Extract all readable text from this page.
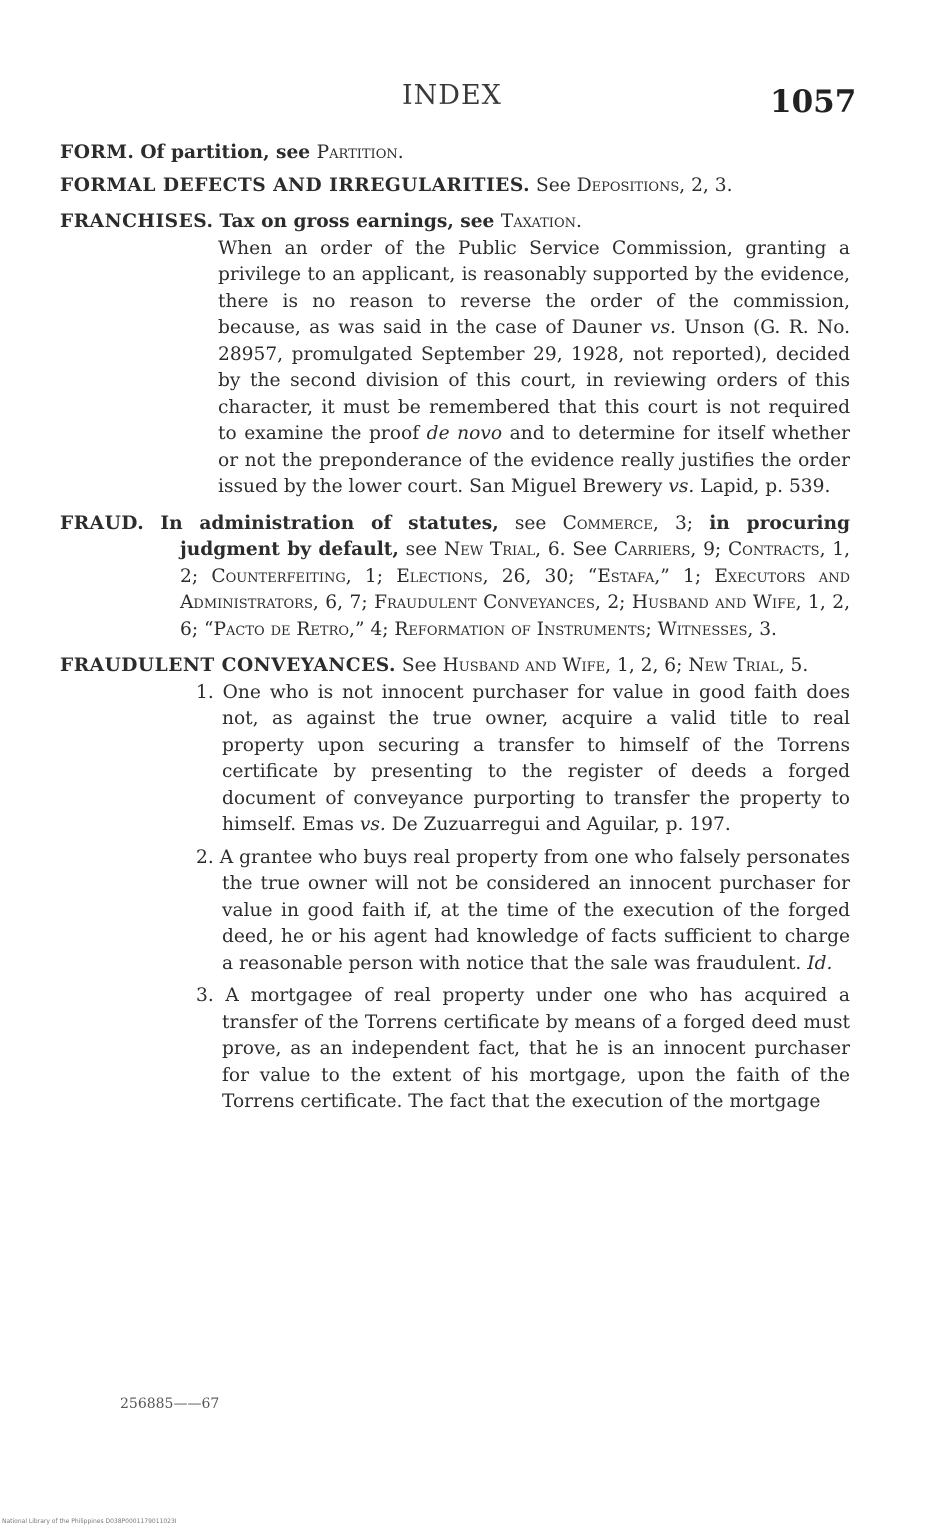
INDEX	1057

FORM. Of partition, see Partition.

FORMAL DEFECTS AND IRREGULARITIES. See Depositions, 2, 3.

FRANCHISES. Tax on gross earnings, see Taxation.

When an order of the Public Service Commission, granting a privilege to an applicant, is reasonably supported by the evidence, there is no reason to reverse the order of the commission, because, as was said in the case of Dauner vs. Unson (G. R. No. 28957, promulgated September 29, 1928, not reported), decided by the second division of this court, in reviewing orders of this character, it must be remembered that this court is not required to examine the proof de novo and to determine for itself whether or not the preponderance of the evidence really justifies the order issued by the lower court. San Miguel Brewery vs. Lapid, p. 539.

FRAUD. In administration of statutes, see Commerce, 3; in procuring judgment by default, see New Trial, 6. See Carriers, 9; Contracts, 1, 2; Counterfeiting, 1; Elections, 26, 30; “Estafa,” 1; Executors and Administrators, 6, 7; Fraudulent Conveyances, 2; Husband and Wife, 1, 2, 6; “Pacto de Retro,” 4; Reformation of Instruments; Witnesses, 3.

FRAUDULENT CONVEYANCES. See Husband and Wife, 1, 2, 6; New Trial, 5.

1. One who is not innocent purchaser for value in good faith does not, as against the true owner, acquire a valid title to real property upon securing a transfer to himself of the Torrens certificate by presenting to the register of deeds a forged document of conveyance purporting to transfer the property to himself. Emas vs. De Zuzuarregui and Aguilar, p. 197.

2. A grantee who buys real property from one who falsely personates the true owner will not be considered an innocent purchaser for value in good faith if, at the time of the execution of the forged deed, he or his agent had knowledge of facts sufficient to charge a reasonable person with notice that the sale was fraudulent. Id.

3. A mortgagee of real property under one who has acquired a transfer of the Torrens certificate by means of a forged deed must prove, as an independent fact, that he is an innocent purchaser for value to the extent of his mortgage, upon the faith of the Torrens certificate. The fact that the execution of the mortgage

256885——67
National Library of the Philippines D038P0001179011023I
